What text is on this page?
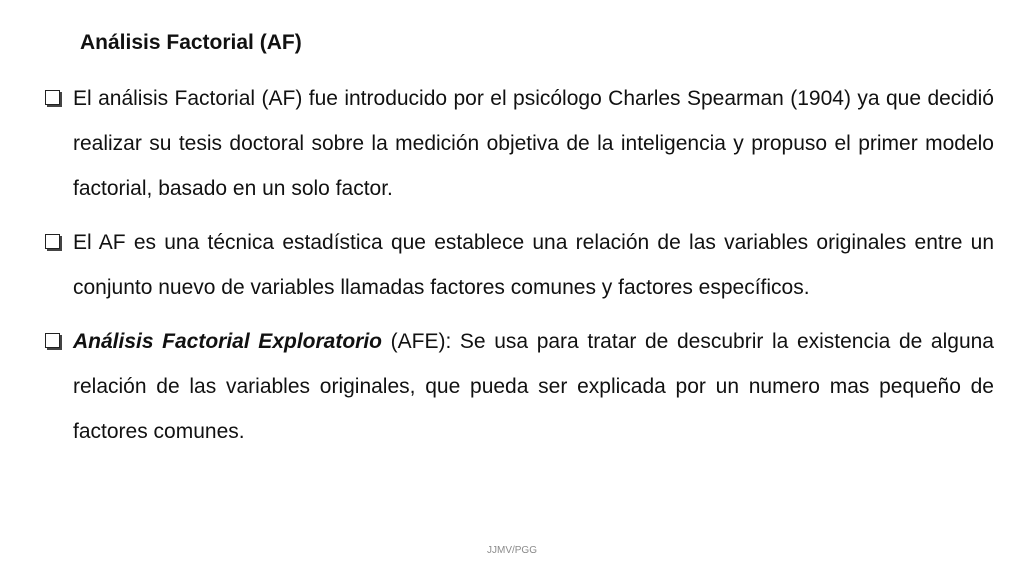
Análisis Factorial (AF)
El análisis Factorial (AF) fue introducido por el psicólogo Charles Spearman (1904) ya que decidió realizar su tesis doctoral sobre la medición objetiva de la inteligencia y propuso el primer modelo factorial, basado en un solo factor.
El AF es una técnica estadística que establece una relación de las variables originales entre un conjunto nuevo de variables llamadas factores comunes y factores específicos.
Análisis Factorial Exploratorio (AFE): Se usa para tratar de descubrir la existencia de alguna relación de las variables originales, que pueda ser explicada por un numero mas pequeño de factores comunes.
JJMV/PGG
